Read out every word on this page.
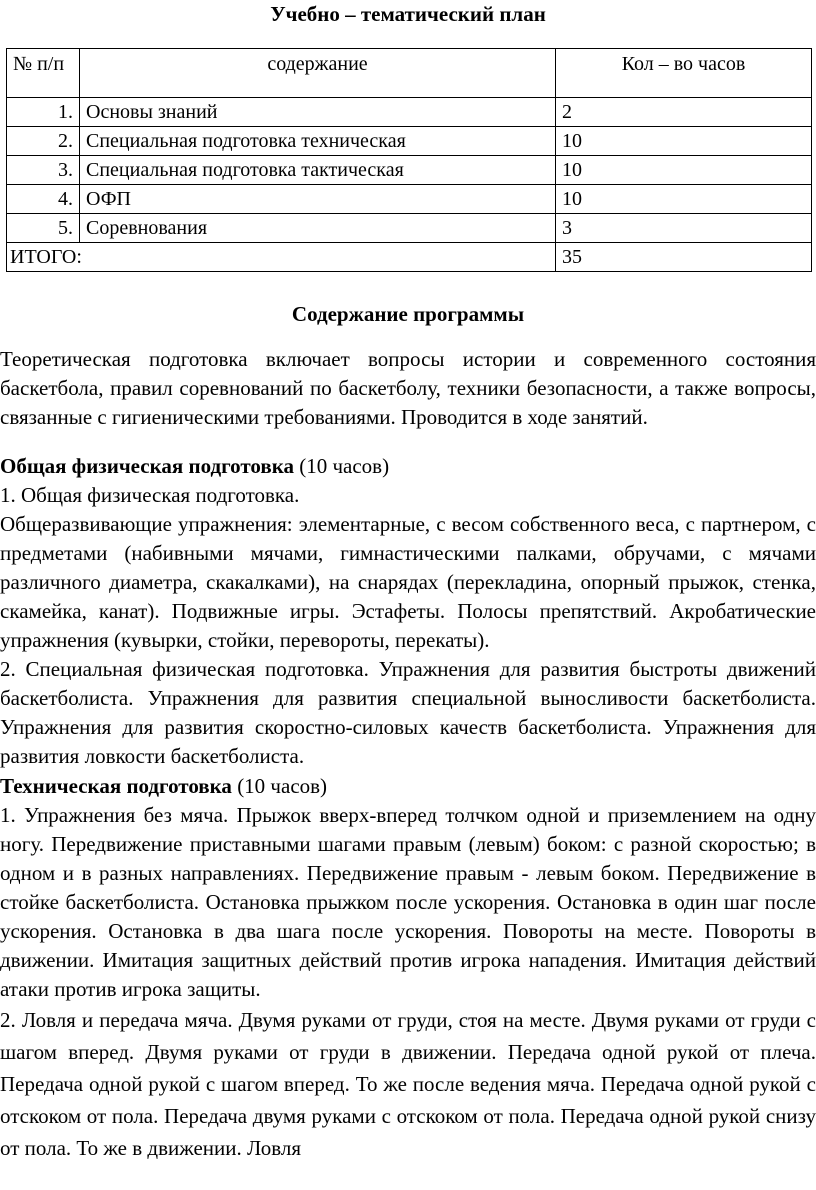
Учебно – тематический план
№ п/п	содержание	Кол – во часов
1.	Основы знаний	2
2.	Специальная подготовка техническая	10
3.	Специальная подготовка тактическая	10
4.	ОФП	10
5.	Соревнования	3
ИТОГО:		35
Содержание программы

Теоретическая подготовка включает вопросы истории и современного состояния баскетбола, правил соревнований по баскетболу, техники безопасности, а также вопросы, связанные с гигиеническими требованиями. Проводится в ходе занятий.

Общая физическая подготовка (10 часов)

1. Общая физическая подготовка.

Общеразвивающие упражнения: элементарные, с весом собственного веса, с партнером, с предметами (набивными мячами, гимнастическими палками, обручами, с мячами различного диаметра, скакалками), на снарядах (перекладина, опорный прыжок, стенка, скамейка, канат). Подвижные игры. Эстафеты. Полосы препятствий. Акробатические упражнения (кувырки, стойки, перевороты, перекаты).

2. Специальная физическая подготовка. Упражнения для развития быстроты движений баскетболиста. Упражнения для развития специальной выносливости баскетболиста. Упражнения для развития скоростно-силовых качеств баскетболиста. Упражнения для развития ловкости баскетболиста.

Техническая подготовка (10 часов)

1. Упражнения без мяча. Прыжок вверх-вперед толчком одной и приземлением на одну ногу. Передвижение приставными шагами правым (левым) боком: с разной скоростью; в одном и в разных направлениях. Передвижение правым - левым боком. Передвижение в стойке баскетболиста. Остановка прыжком после ускорения. Остановка в один шаг после ускорения. Остановка в два шага после ускорения. Повороты на месте. Повороты в движении. Имитация защитных действий против игрока нападения. Имитация действий атаки против игрока защиты.

2. Ловля и передача мяча. Двумя руками от груди, стоя на месте. Двумя руками от груди с шагом вперед. Двумя руками от груди в движении. Передача одной рукой от плеча. Передача одной рукой с шагом вперед. То же после ведения мяча. Передача одной рукой с отскоком от пола. Передача двумя руками с отскоком от пола. Передача одной рукой снизу от пола. То же в движении. Ловля
